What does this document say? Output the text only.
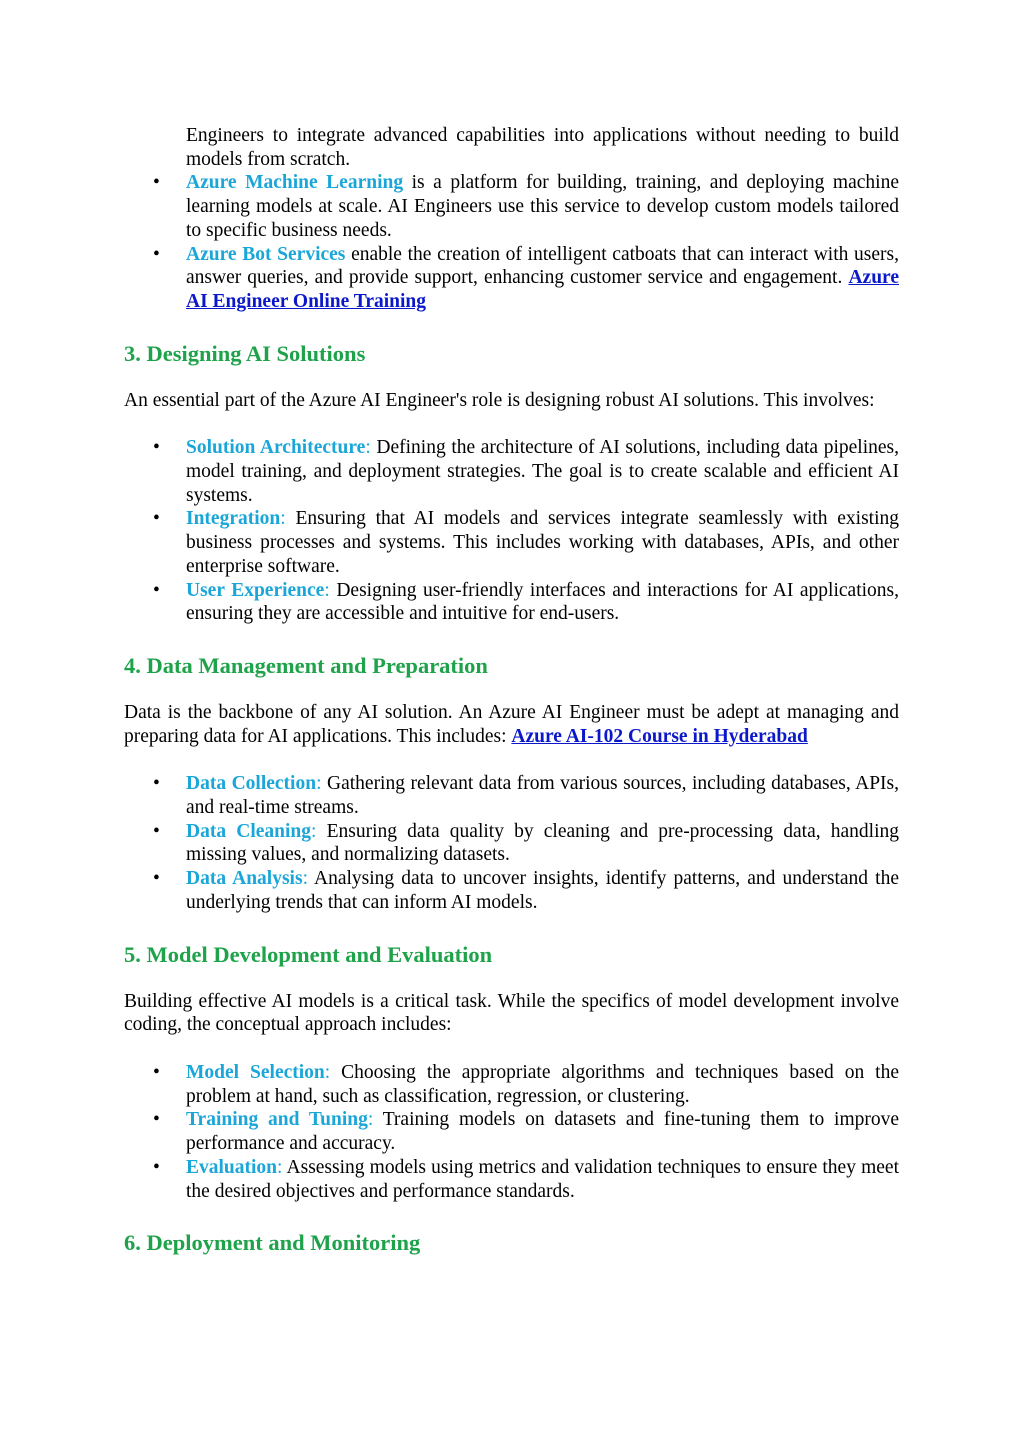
Engineers to integrate advanced capabilities into applications without needing to build models from scratch.

• Azure Machine Learning is a platform for building, training, and deploying machine learning models at scale. AI Engineers use this service to develop custom models tailored to specific business needs.
• Azure Bot Services enable the creation of intelligent catboats that can interact with users, answer queries, and provide support, enhancing customer service and engagement. Azure AI Engineer Online Training
3. Designing AI Solutions

An essential part of the Azure AI Engineer's role is designing robust AI solutions. This involves:

• Solution Architecture: Defining the architecture of AI solutions, including data pipelines, model training, and deployment strategies. The goal is to create scalable and efficient AI systems.
• Integration: Ensuring that AI models and services integrate seamlessly with existing business processes and systems. This includes working with databases, APIs, and other enterprise software.
• User Experience: Designing user-friendly interfaces and interactions for AI applications, ensuring they are accessible and intuitive for end-users.
4. Data Management and Preparation

Data is the backbone of any AI solution. An Azure AI Engineer must be adept at managing and preparing data for AI applications. This includes: Azure AI-102 Course in Hyderabad

• Data Collection: Gathering relevant data from various sources, including databases, APIs, and real-time streams.
• Data Cleaning: Ensuring data quality by cleaning and pre-processing data, handling missing values, and normalizing datasets.
• Data Analysis: Analysing data to uncover insights, identify patterns, and understand the underlying trends that can inform AI models.
5. Model Development and Evaluation

Building effective AI models is a critical task. While the specifics of model development involve coding, the conceptual approach includes:

• Model Selection: Choosing the appropriate algorithms and techniques based on the problem at hand, such as classification, regression, or clustering.
• Training and Tuning: Training models on datasets and fine-tuning them to improve performance and accuracy.
• Evaluation: Assessing models using metrics and validation techniques to ensure they meet the desired objectives and performance standards.
6. Deployment and Monitoring
